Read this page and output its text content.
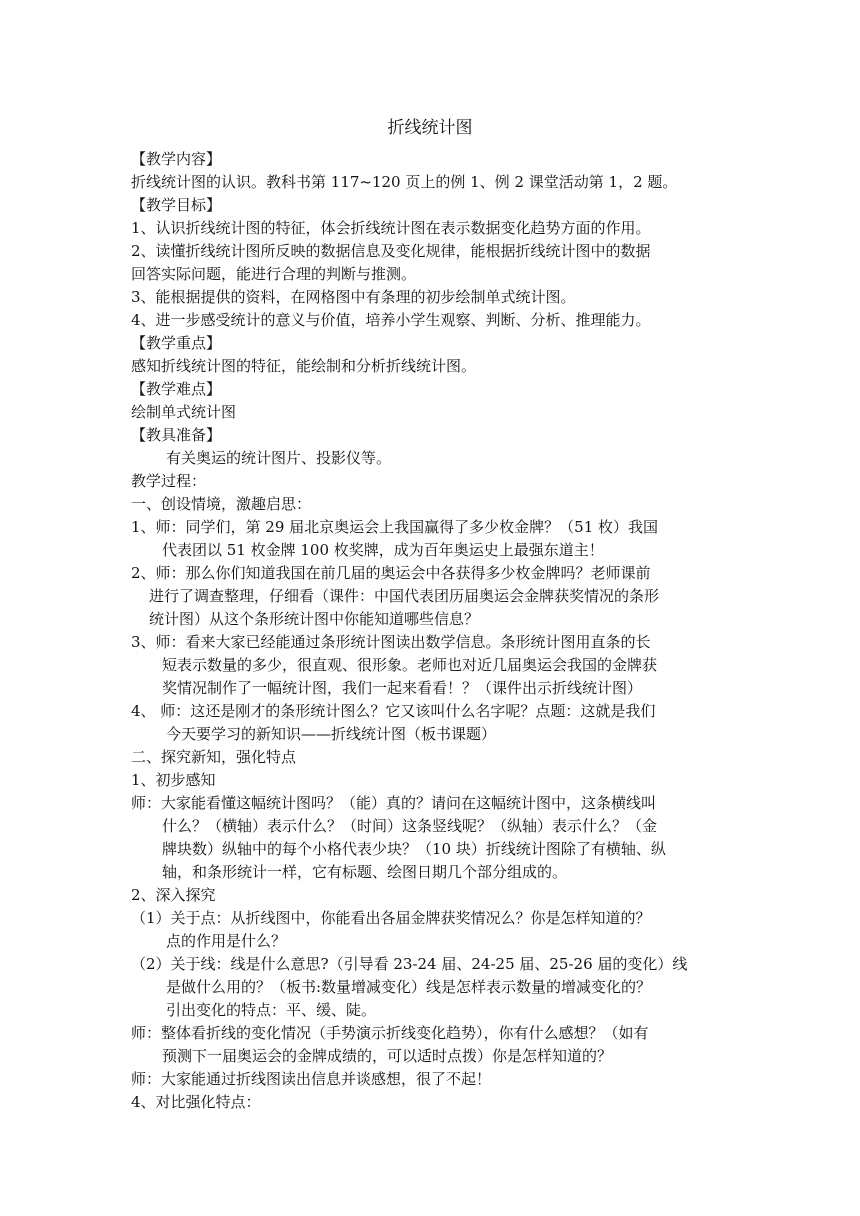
折线统计图
【教学内容】
折线统计图的认识。教科书第 117~120 页上的例 1、例 2 课堂活动第 1，2 题。
【教学目标】
1、认识折线统计图的特征，体会折线统计图在表示数据变化趋势方面的作用。
2、读懂折线统计图所反映的数据信息及变化规律，能根据折线统计图中的数据
回答实际问题，能进行合理的判断与推测。
3、能根据提供的资料，在网格图中有条理的初步绘制单式统计图。
4、进一步感受统计的意义与价值，培养小学生观察、判断、分析、推理能力。
【教学重点】
感知折线统计图的特征，能绘制和分析折线统计图。
【教学难点】
绘制单式统计图
【教具准备】
有关奥运的统计图片、投影仪等。
教学过程：
一、创设情境，激趣启思：
1、师：同学们，第 29 届北京奥运会上我国赢得了多少枚金牌？（51 枚）我国
代表团以 51 枚金牌 100 枚奖牌，成为百年奥运史上最强东道主！
2、师：那么你们知道我国在前几届的奥运会中各获得多少枚金牌吗？老师课前
进行了调查整理，仔细看（课件：中国代表团历届奥运会金牌获奖情况的条形
统计图）从这个条形统计图中你能知道哪些信息？
3、师：看来大家已经能通过条形统计图读出数学信息。条形统计图用直条的长
短表示数量的多少，很直观、很形象。老师也对近几届奥运会我国的金牌获
奖情况制作了一幅统计图，我们一起来看看！？（课件出示折线统计图）
4、 师：这还是刚才的条形统计图么？它又该叫什么名字呢？点题：这就是我们
今天要学习的新知识——折线统计图（板书课题）
二、探究新知，强化特点
1、初步感知
师：大家能看懂这幅统计图吗？（能）真的？请问在这幅统计图中，这条横线叫
什么？（横轴）表示什么？（时间）这条竖线呢？（纵轴）表示什么？（金
牌块数）纵轴中的每个小格代表少块？（10 块）折线统计图除了有横轴、纵
轴，和条形统计一样，它有标题、绘图日期几个部分组成的。
2、深入探究
（1）关于点：从折线图中，你能看出各届金牌获奖情况么？你是怎样知道的？
点的作用是什么？
（2）关于线：线是什么意思?（引导看 23-24 届、24-25 届、25-26 届的变化）线
是做什么用的？（板书:数量增减变化）线是怎样表示数量的增减变化的？
引出变化的特点：平、缓、陡。
师：整体看折线的变化情况（手势演示折线变化趋势），你有什么感想？（如有
预测下一届奥运会的金牌成绩的，可以适时点拨）你是怎样知道的？
师：大家能通过折线图读出信息并谈感想，很了不起！
4、对比强化特点：
